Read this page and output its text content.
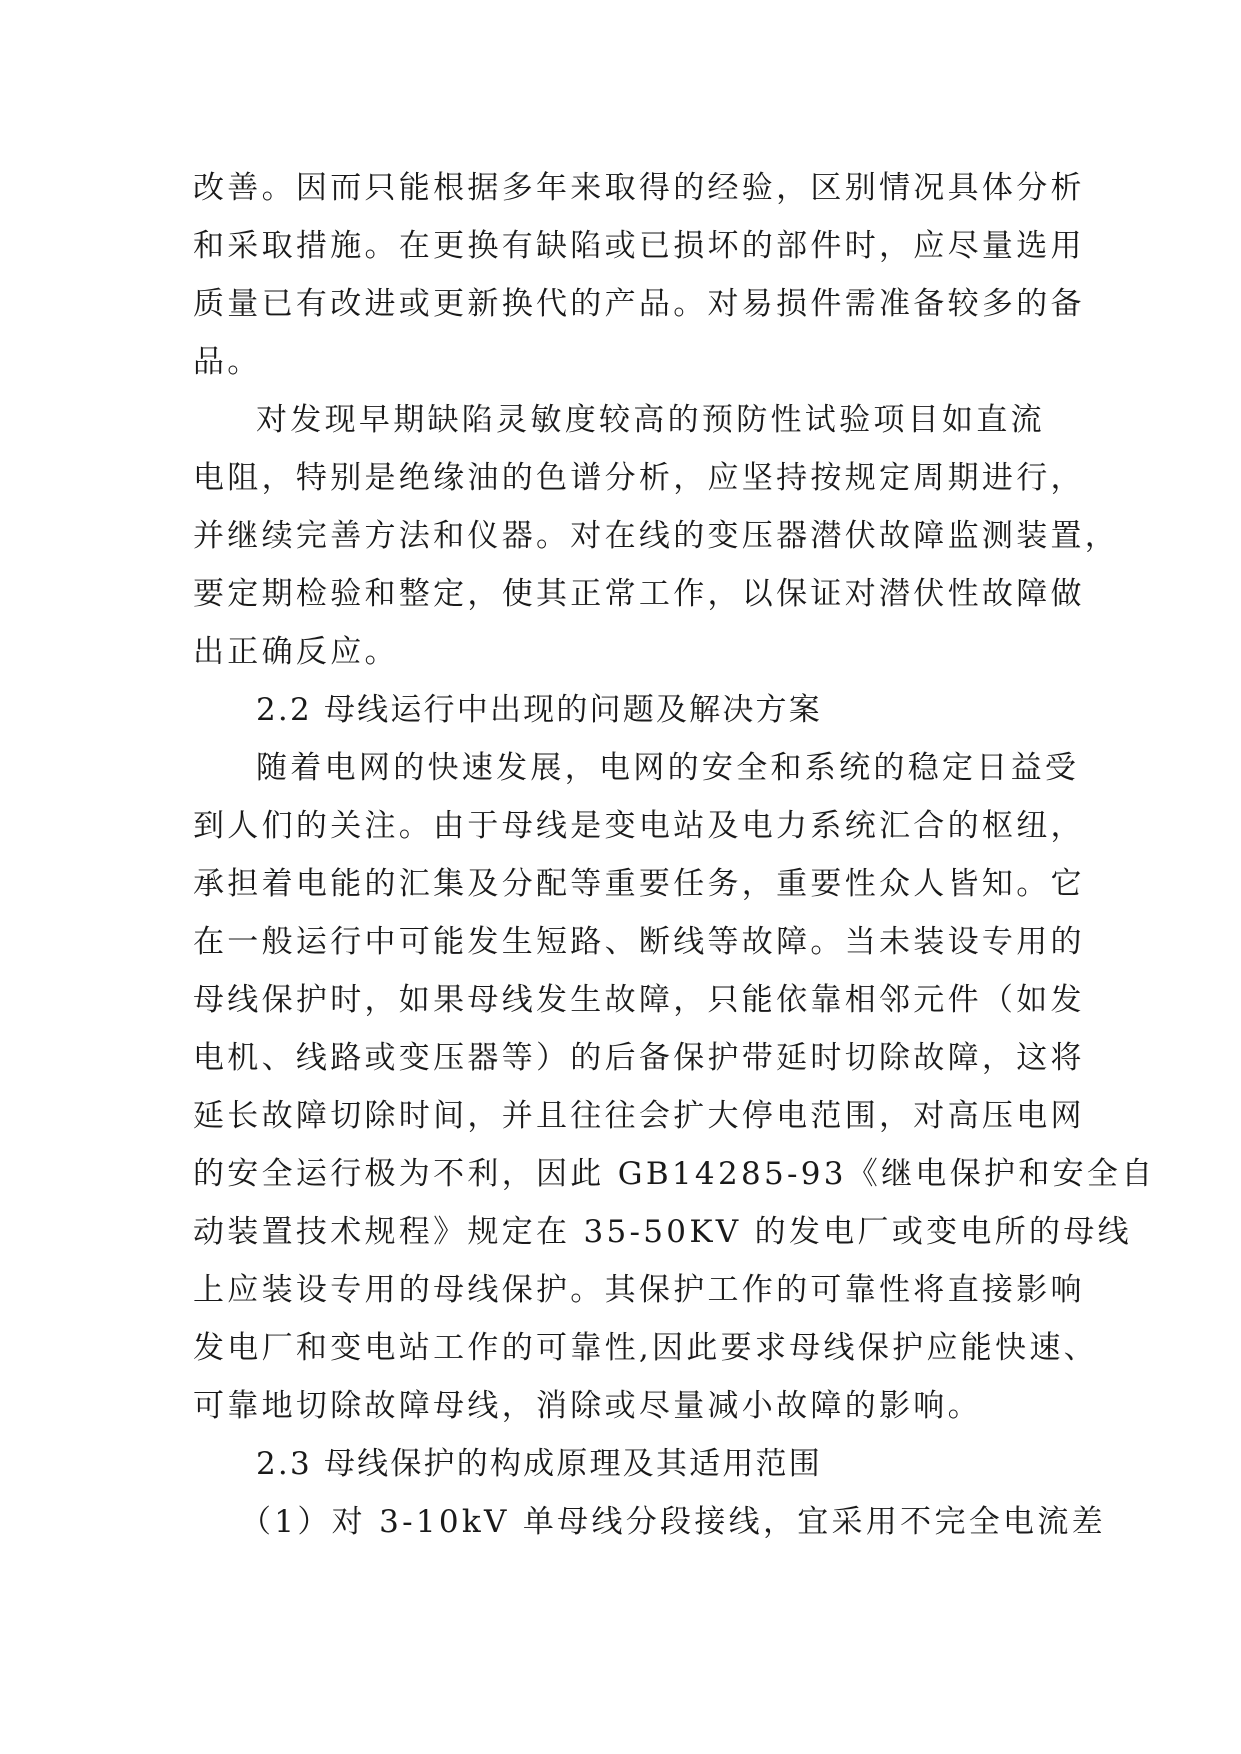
改善。因而只能根据多年来取得的经验，区别情况具体分析
和采取措施。在更换有缺陷或已损坏的部件时，应尽量选用
质量已有改进或更新换代的产品。对易损件需准备较多的备
品。
对发现早期缺陷灵敏度较高的预防性试验项目如直流
电阻，特别是绝缘油的色谱分析，应坚持按规定周期进行，
并继续完善方法和仪器。对在线的变压器潜伏故障监测装置，
要定期检验和整定，使其正常工作，以保证对潜伏性故障做
出正确反应。
2.2 母线运行中出现的问题及解决方案
随着电网的快速发展，电网的安全和系统的稳定日益受
到人们的关注。由于母线是变电站及电力系统汇合的枢纽，
承担着电能的汇集及分配等重要任务，重要性众人皆知。它
在一般运行中可能发生短路、断线等故障。当未装设专用的
母线保护时，如果母线发生故障，只能依靠相邻元件（如发
电机、线路或变压器等）的后备保护带延时切除故障，这将
延长故障切除时间，并且往往会扩大停电范围，对高压电网
的安全运行极为不利，因此 GB14285-93《继电保护和安全自
动装置技术规程》规定在 35-50KV 的发电厂或变电所的母线
上应装设专用的母线保护。其保护工作的可靠性将直接影响
发电厂和变电站工作的可靠性,因此要求母线保护应能快速、
可靠地切除故障母线，消除或尽量减小故障的影响。
2.3 母线保护的构成原理及其适用范围
（1）对 3-10kV 单母线分段接线，宜采用不完全电流差
